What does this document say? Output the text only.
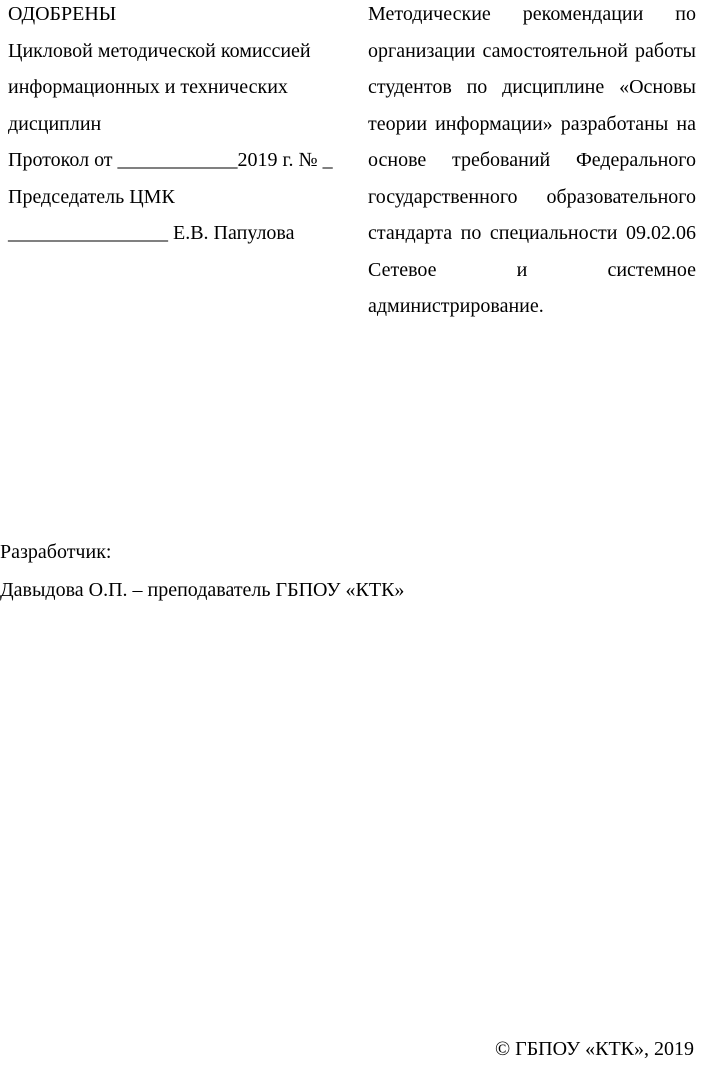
ОДОБРЕНЫ
Цикловой методической комиссией
информационных и технических
дисциплин
Протокол от ____________2019 г. № _
Председатель ЦМК
________________ Е.В. Папулова
Методические рекомендации по
организации самостоятельной работы
студентов по дисциплине «Основы
теории информации» разработаны на
основе требований Федерального
государственного образовательного
стандарта по специальности 09.02.06
Сетевое и системное
администрирование.
Разработчик:
Давыдова О.П. – преподаватель ГБПОУ «КТК»
© ГБПОУ «КТК», 2019
